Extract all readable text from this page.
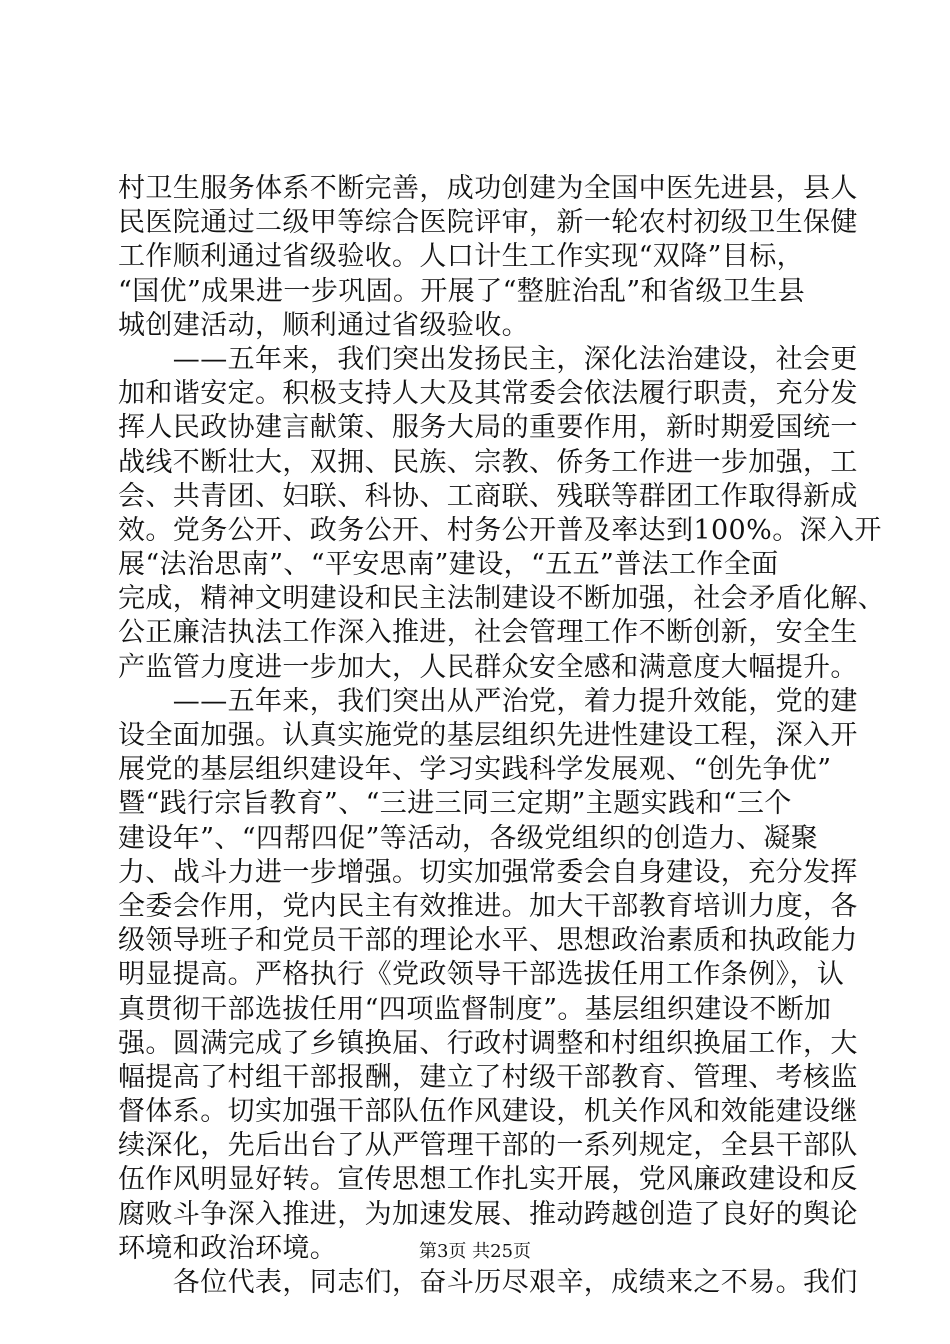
村卫生服务体系不断完善，成功创建为全国中医先进县，县人
民医院通过二级甲等综合医院评审，新一轮农村初级卫生保健
工作顺利通过省级验收。人口计生工作实现“双降”目标，
“国优”成果进一步巩固。开展了“整脏治乱”和省级卫生县
城创建活动，顺利通过省级验收。
　　——五年来，我们突出发扬民主，深化法治建设，社会更
加和谐安定。积极支持人大及其常委会依法履行职责，充分发
挥人民政协建言献策、服务大局的重要作用，新时期爱国统一
战线不断壮大，双拥、民族、宗教、侨务工作进一步加强，工
会、共青团、妇联、科协、工商联、残联等群团工作取得新成
效。党务公开、政务公开、村务公开普及率达到100%。深入开
展“法治思南”、“平安思南”建设，“五五”普法工作全面
完成，精神文明建设和民主法制建设不断加强，社会矛盾化解、
公正廉洁执法工作深入推进，社会管理工作不断创新，安全生
产监管力度进一步加大，人民群众安全感和满意度大幅提升。
　　——五年来，我们突出从严治党，着力提升效能，党的建
设全面加强。认真实施党的基层组织先进性建设工程，深入开
展党的基层组织建设年、学习实践科学发展观、“创先争优”
暨“践行宗旨教育”、“三进三同三定期”主题实践和“三个
建设年”、“四帮四促”等活动，各级党组织的创造力、凝聚
力、战斗力进一步增强。切实加强常委会自身建设，充分发挥
全委会作用，党内民主有效推进。加大干部教育培训力度，各
级领导班子和党员干部的理论水平、思想政治素质和执政能力
明显提高。严格执行《党政领导干部选拔任用工作条例》，认
真贯彻干部选拔任用“四项监督制度”。基层组织建设不断加
强。圆满完成了乡镇换届、行政村调整和村组织换届工作，大
幅提高了村组干部报酬，建立了村级干部教育、管理、考核监
督体系。切实加强干部队伍作风建设，机关作风和效能建设继
续深化，先后出台了从严管理干部的一系列规定，全县干部队
伍作风明显好转。宣传思想工作扎实开展，党风廉政建设和反
腐败斗争深入推进，为加速发展、推动跨越创造了良好的舆论
环境和政治环境。
　　各位代表，同志们，奋斗历尽艰辛，成绩来之不易。我们
第3页 共25页
